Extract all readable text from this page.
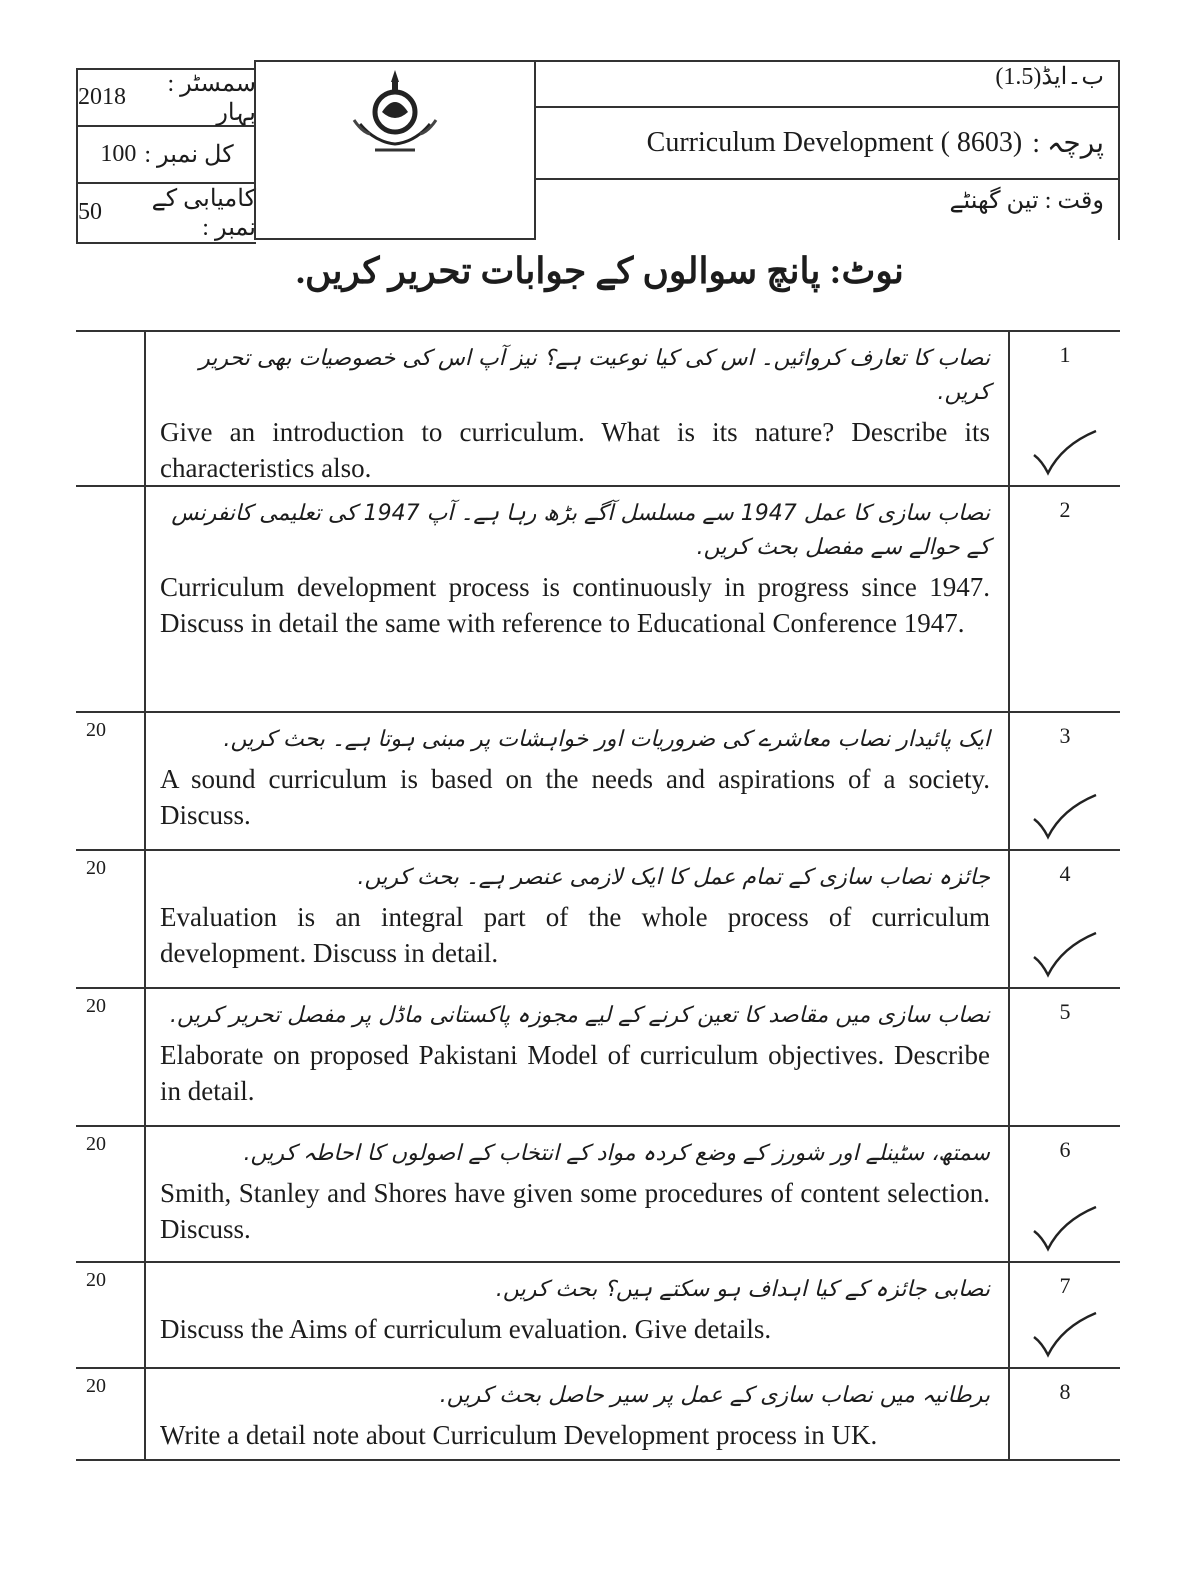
سمسٹر : بہار
2018
کل نمبر :
100
کامیابی کے نمبر :
50
ب۔ایڈ(1.5)
Curriculum Development ( 8603) پرچہ :
وقت : تین گھنٹے
نوٹ: پانچ سوالوں کے جوابات تحریر کریں.
نصاب کا تعارف کروائیں۔ اس کی کیا نوعیت ہے؟ نیز آپ اس کی خصوصیات بھی تحریر کریں.
Give an introduction to curriculum. What is its nature? Describe its characteristics also.
1
نصاب سازی کا عمل 1947 سے مسلسل آگے بڑھ رہا ہے۔ آپ 1947 کی تعلیمی کانفرنس کے حوالے سے مفصل بحث کریں.
Curriculum development process is continuously in progress since 1947. Discuss in detail the same with reference to Educational Conference 1947.
2
20	ایک پائیدار نصاب معاشرے کی ضروریات اور خواہشات پر مبنی ہوتا ہے۔ بحث کریں.
A sound curriculum is based on the needs and aspirations of a society. Discuss.
3
20	جائزہ نصاب سازی کے تمام عمل کا ایک لازمی عنصر ہے۔ بحث کریں.
Evaluation is an integral part of the whole process of curriculum development. Discuss in detail.
4
20	نصاب سازی میں مقاصد کا تعین کرنے کے لیے مجوزہ پاکستانی ماڈل پر مفصل تحریر کریں.
Elaborate on proposed Pakistani Model of curriculum objectives. Describe in detail.
5
20	سمتھ، سٹینلے اور شورز کے وضع کردہ مواد کے انتخاب کے اصولوں کا احاطہ کریں.
Smith, Stanley and Shores have given some procedures of content selection. Discuss.
6
20	نصابی جائزہ کے کیا اہداف ہو سکتے ہیں؟ بحث کریں.
Discuss the Aims of curriculum evaluation. Give details.
7
20	برطانیہ میں نصاب سازی کے عمل پر سیر حاصل بحث کریں.
Write a detail note about Curriculum Development process in UK.
8
